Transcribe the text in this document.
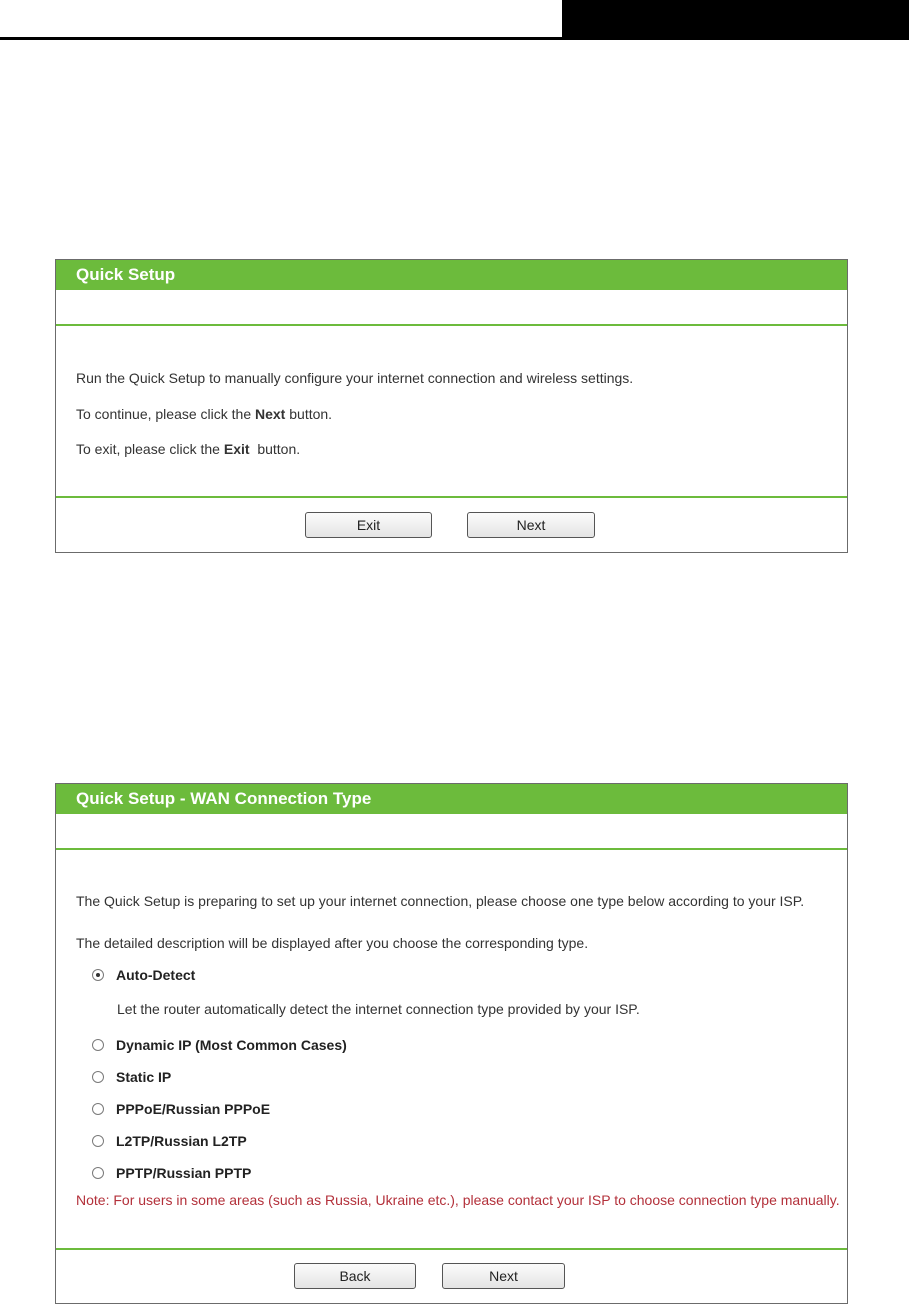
Quick Setup

Run the Quick Setup to manually configure your internet connection and wireless settings.

To continue, please click the Next button.

To exit, please click the Exit  button.

Exit	Next
Quick Setup - WAN Connection Type
The Quick Setup is preparing to set up your internet connection, please choose one type below according to your ISP.
The detailed description will be displayed after you choose the corresponding type.
Auto-Detect
Let the router automatically detect the internet connection type provided by your ISP.
Dynamic IP (Most Common Cases)
Static IP
PPPoE/Russian PPPoE
L2TP/Russian L2TP
PPTP/Russian PPTP
Note: For users in some areas (such as Russia, Ukraine etc.), please contact your ISP to choose connection type manually.
Back	Next
